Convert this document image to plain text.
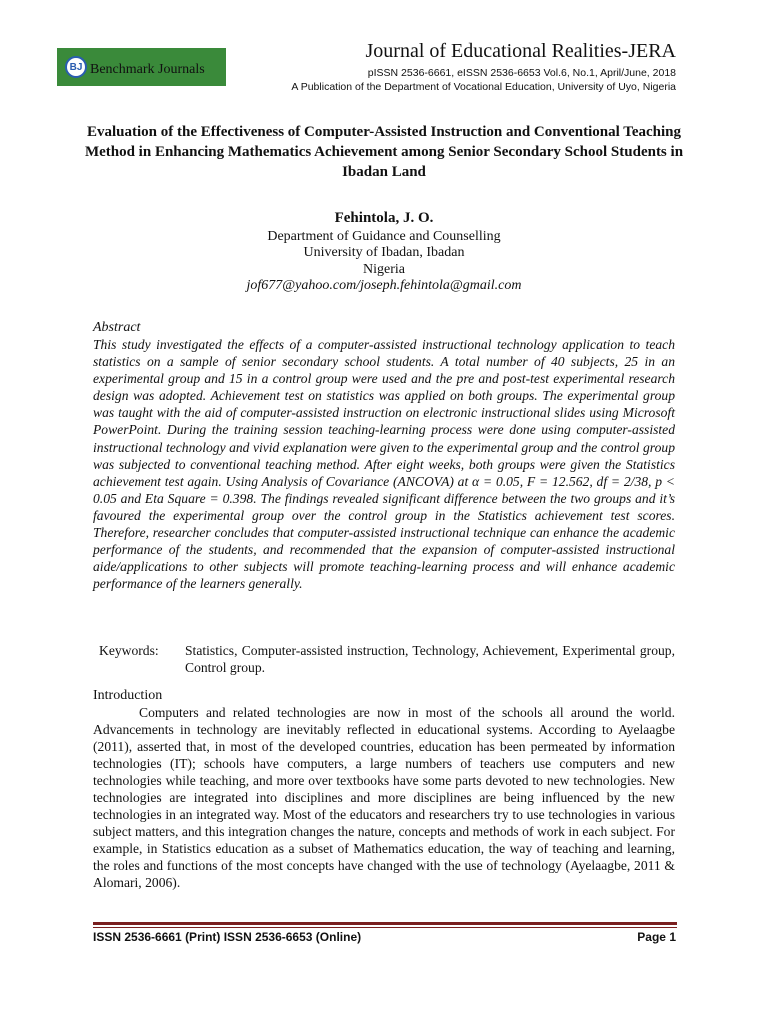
BJ Benchmark Journals
Journal of Educational Realities-JERA
pISSN 2536-6661, eISSN 2536-6653 Vol.6, No.1, April/June, 2018
A Publication of the Department of Vocational Education, University of Uyo, Nigeria
Evaluation of the Effectiveness of Computer-Assisted Instruction and Conventional Teaching Method in Enhancing Mathematics Achievement among Senior Secondary School Students in Ibadan Land
Fehintola, J. O.
Department of Guidance and Counselling
University of Ibadan, Ibadan
Nigeria
jof677@yahoo.com/joseph.fehintola@gmail.com
Abstract

This study investigated the effects of a computer-assisted instructional technology application to teach statistics on a sample of senior secondary school students. A total number of 40 subjects, 25 in an experimental group and 15 in a control group were used and the pre and post-test experimental research design was adopted. Achievement test on statistics was applied on both groups. The experimental group was taught with the aid of computer-assisted instruction on electronic instructional slides using Microsoft PowerPoint. During the training session teaching-learning process were done using computer-assisted instructional technology and vivid explanation were given to the experimental group and the control group was subjected to conventional teaching method. After eight weeks, both groups were given the Statistics achievement test again. Using Analysis of Covariance (ANCOVA) at α = 0.05, F = 12.562, df = 2/38, p < 0.05 and Eta Square = 0.398. The findings revealed significant difference between the two groups and it’s favoured the experimental group over the control group in the Statistics achievement test scores. Therefore, researcher concludes that computer-assisted instructional technique can enhance the academic performance of the students, and recommended that the expansion of computer-assisted instructional aide/applications to other subjects will promote teaching-learning process and will enhance academic performance of the learners generally.

Keywords:	Statistics, Computer-assisted instruction, Technology, Achievement, Experimental group, Control group.
Introduction

Computers and related technologies are now in most of the schools all around the world. Advancements in technology are inevitably reflected in educational systems. According to Ayelaagbe (2011), asserted that, in most of the developed countries, education has been permeated by information technologies (IT); schools have computers, a large numbers of teachers use computers and new technologies while teaching, and more over textbooks have some parts devoted to new technologies. New technologies are integrated into disciplines and more disciplines are being influenced by the new technologies in an integrated way. Most of the educators and researchers try to use technologies in various subject matters, and this integration changes the nature, concepts and methods of work in each subject. For example, in Statistics education as a subset of Mathematics education, the way of teaching and learning, the roles and functions of the most concepts have changed with the use of technology (Ayelaagbe, 2011 & Alomari, 2006).

ISSN 2536-6661 (Print) ISSN 2536-6653 (Online)	Page 1
